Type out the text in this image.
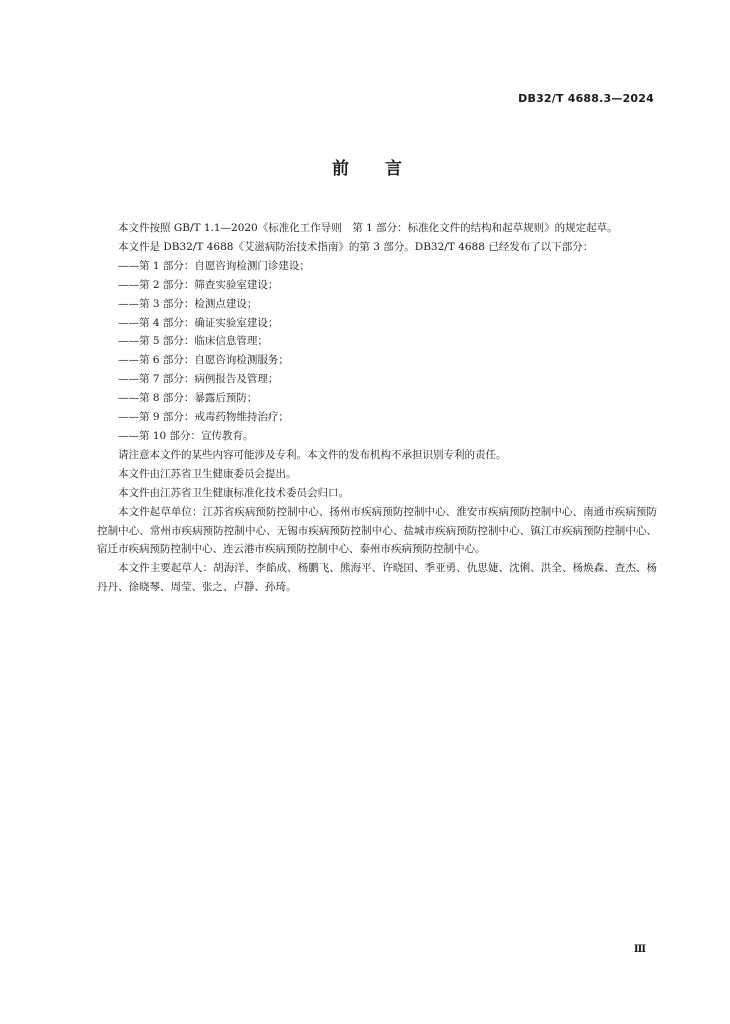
DB32/T 4688.3—2024
前言

本文件按照 GB/T 1.1—2020《标准化工作导则　第 1 部分：标准化文件的结构和起草规则》的规定起草。

本文件是 DB32/T 4688《艾滋病防治技术指南》的第 3 部分。DB32/T 4688 已经发布了以下部分：

——第 1 部分：自愿咨询检测门诊建设；
——第 2 部分：筛查实验室建设；
——第 3 部分：检测点建设；
——第 4 部分：确证实验室建设；
——第 5 部分：临床信息管理；
——第 6 部分：自愿咨询检测服务；
——第 7 部分：病例报告及管理；
——第 8 部分：暴露后预防；
——第 9 部分：戒毒药物维持治疗；
——第 10 部分：宣传教育。

请注意本文件的某些内容可能涉及专利。本文件的发布机构不承担识别专利的责任。

本文件由江苏省卫生健康委员会提出。

本文件由江苏省卫生健康标准化技术委员会归口。

本文件起草单位：江苏省疾病预防控制中心、扬州市疾病预防控制中心、淮安市疾病预防控制中心、南通市疾病预防控制中心、常州市疾病预防控制中心、无锡市疾病预防控制中心、盐城市疾病预防控制中心、镇江市疾病预防控制中心、宿迁市疾病预防控制中心、连云港市疾病预防控制中心、泰州市疾病预防控制中心。

本文件主要起草人：胡海洋、李餡成、杨鹏飞、熊海平、许晓囯、季亚勇、仇思婕、沈俐、洪全、杨焕森、查杰、杨丹丹、徐晓琴、周莹、张之、卢静、孙琦。

Ⅲ
